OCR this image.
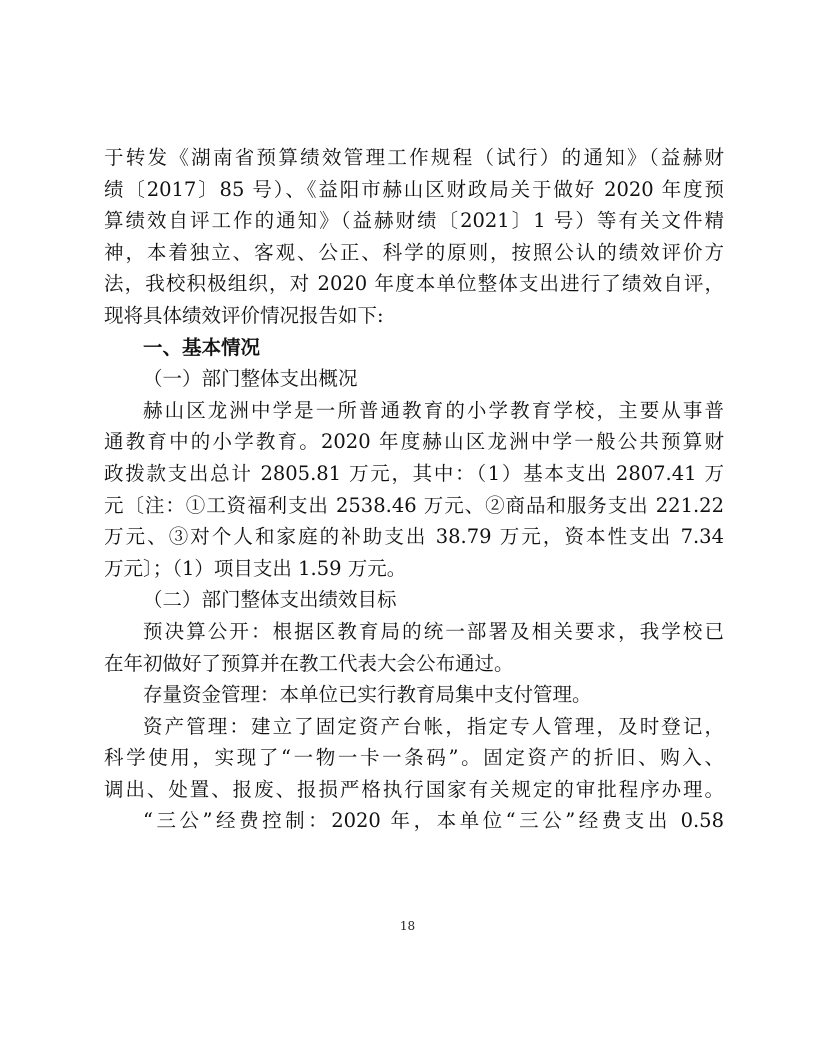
于转发《湖南省预算绩效管理工作规程（试行）的通知》（益赫财
绩〔2017〕85 号）、《益阳市赫山区财政局关于做好 2020 年度预
算绩效自评工作的通知》（益赫财绩〔2021〕1 号）等有关文件精
神，本着独立、客观、公正、科学的原则，按照公认的绩效评价方
法，我校积极组织，对 2020 年度本单位整体支出进行了绩效自评，
现将具体绩效评价情况报告如下:
一、基本情况
（一）部门整体支出概况
赫山区龙洲中学是一所普通教育的小学教育学校，主要从事普
通教育中的小学教育。2020 年度赫山区龙洲中学一般公共预算财
政拨款支出总计 2805.81 万元，其中：（1）基本支出 2807.41 万
元〔注：①工资福利支出 2538.46 万元、②商品和服务支出 221.22
万元、③对个人和家庭的补助支出 38.79 万元，资本性支出 7.34
万元〕；（1）项目支出 1.59 万元。
（二）部门整体支出绩效目标
预决算公开：根据区教育局的统一部署及相关要求，我学校已
在年初做好了预算并在教工代表大会公布通过。
存量资金管理：本单位已实行教育局集中支付管理。
资产管理：建立了固定资产台帐，指定专人管理，及时登记，
科学使用，实现了“一物一卡一条码”。固定资产的折旧、购入、
调出、处置、报废、报损严格执行国家有关规定的审批程序办理。
“三公”经费控制：2020 年，本单位“三公”经费支出 0.58
18
